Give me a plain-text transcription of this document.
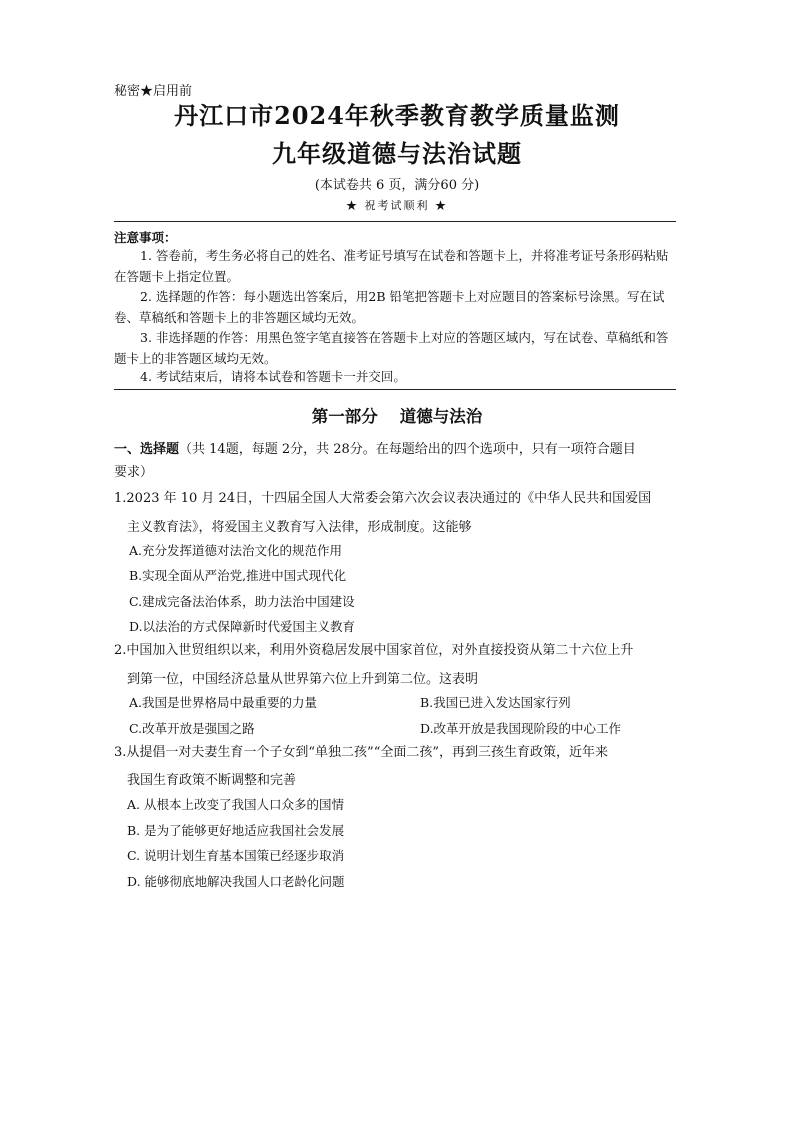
秘密★启用前
丹江口市2024年秋季教育教学质量监测
九年级道德与法治试题
(本试卷共 6 页，满分60 分)
★ 祝考试顺利 ★
注意事项：
1. 答卷前，考生务必将自己的姓名、准考证号填写在试卷和答题卡上，并将准考证号条形码粘贴在答题卡上指定位置。
2. 选择题的作答：每小题选出答案后，用2B 铅笔把答题卡上对应题目的答案标号涂黑。写在试卷、草稿纸和答题卡上的非答题区域均无效。
3. 非选择题的作答：用黑色签字笔直接答在答题卡上对应的答题区域内，写在试卷、草稿纸和答题卡上的非答题区域均无效。
4. 考试结束后，请将本试卷和答题卡一并交回。
第一部分 道德与法治
一、选择题（共 14题，每题 2分，共 28分。在每题给出的四个选项中，只有一项符合题目
要求）
1.2023 年 10 月 24日，十四届全国人大常委会第六次会议表决通过的《中华人民共和国爱国
主义教育法》，将爱国主义教育写入法律，形成制度。这能够
A.充分发挥道德对法治文化的规范作用
B.实现全面从严治党,推进中国式现代化
C.建成完备法治体系，助力法治中国建设
D.以法治的方式保障新时代爱国主义教育
2.中国加入世贸组织以来，利用外资稳居发展中国家首位，对外直接投资从第二十六位上升
到第一位，中国经济总量从世界第六位上升到第二位。这表明
A.我国是世界格局中最重要的力量	B.我国已进入发达国家行列
C.改革开放是强国之路	D.改革开放是我国现阶段的中心工作
3.从提倡一对夫妻生育一个子女到“单独二孩”“全面二孩”，再到三孩生育政策，近年来
我国生育政策不断调整和完善
A. 从根本上改变了我国人口众多的国情
B. 是为了能够更好地适应我国社会发展
C. 说明计划生育基本国策已经逐步取消
D. 能够彻底地解决我国人口老龄化问题
